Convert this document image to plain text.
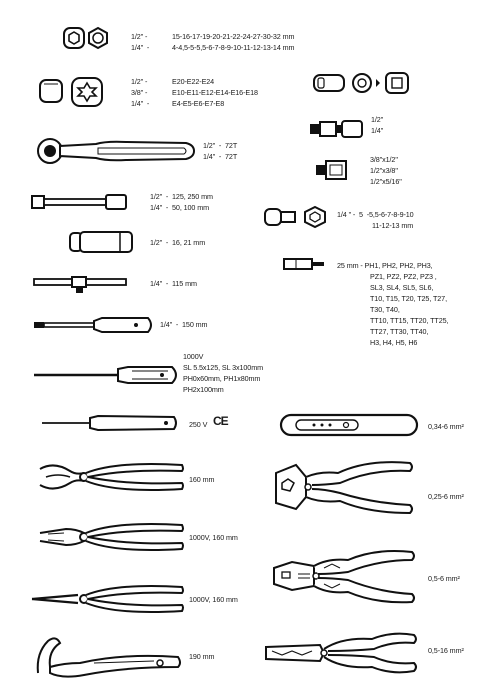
1/2" -	15-16-17-19-20-21-22-24-27-30-32 mm
1/4"  -	4-4,5-5-5,5-6-7-8-9-10-11-12-13-14 mm
1/2" -	E20-E22-E24
3/8" -	E10-E11-E12-E14-E16-E18
1/4"  -	E4-E5-E6-E7-E8
1/2"  -  72T
1/4"  -  72T
1/2"  -  125, 250 mm
1/4"  -  50, 100 mm
1/2"  -  16, 21 mm
1/4"  -  115 mm
1/4"  -  150 mm
1000V
SL 5.5x125, SL 3x100mm
PH0x60mm, PH1x80mm
PH2x100mm
250 V CE
160 mm
1000V, 160 mm
1000V, 160 mm
190 mm
1/2"
1/4"
3/8"x1/2"
1/2"x3/8"
1/2"x5/16"
1/4 " -  5  -5,5-6-7-8-9-10
11-12-13 mm
25 mm - PH1, PH2, PH2, PH3,
PZ1, PZ2, PZ2, PZ3 ,
SL3, SL4, SL5, SL6,
T10, T15, T20, T25, T27,
T30, T40,
TT10, TT15, TT20, TT25,
TT27, TT30, TT40,
H3, H4, H5, H6
0,34-6 mm²
0,25-6 mm²
0,5-6 mm²
0,5-16 mm²
